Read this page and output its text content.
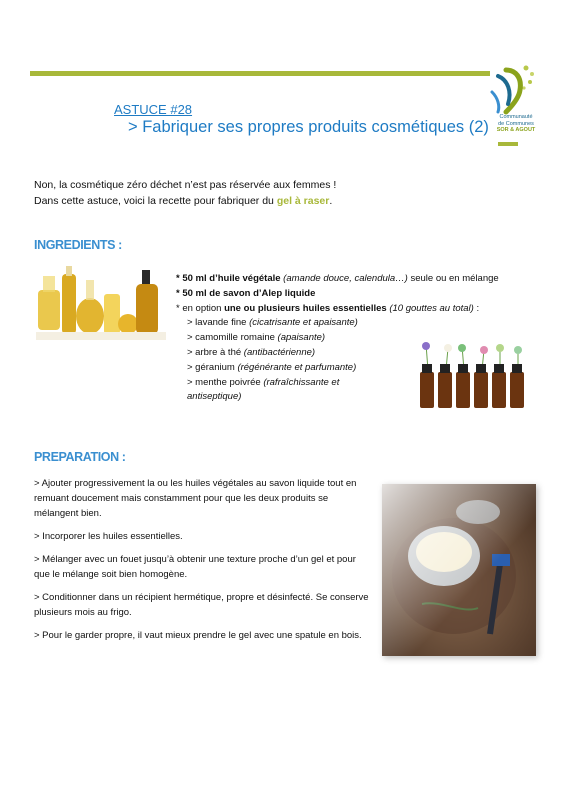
Communauté
de Communes
SOR & AGOUT
ASTUCE #28
> Fabriquer ses propres produits cosmétiques (2)
Non, la cosmétique zéro déchet n’est pas réservée aux femmes !
Dans cette astuce, voici la recette pour fabriquer du gel à raser.
INGREDIENTS :
* 50 ml d’huile végétale (amande douce, calendula…) seule ou en mélange
* 50 ml de savon d’Alep liquide
* en option une ou plusieurs huiles essentielles (10 gouttes au total) :
> lavande fine (cicatrisante et apaisante)
> camomille romaine (apaisante)
> arbre à thé (antibactérienne)
> géranium (régénérante et parfumante)
> menthe poivrée (rafraîchissante et
antiseptique)
PREPARATION :

> Ajouter progressivement la ou les huiles végétales au savon liquide tout en remuant doucement mais constamment pour que les deux produits se mélangent bien.

> Incorporer les huiles essentielles.

> Mélanger avec un fouet jusqu’à obtenir une texture proche d’un gel et pour que le mélange soit bien homogène.

> Conditionner dans un récipient hermétique, propre et désinfecté. Se conserve plusieurs mois au frigo.

> Pour le garder propre, il vaut mieux prendre le gel avec une spatule en bois.
